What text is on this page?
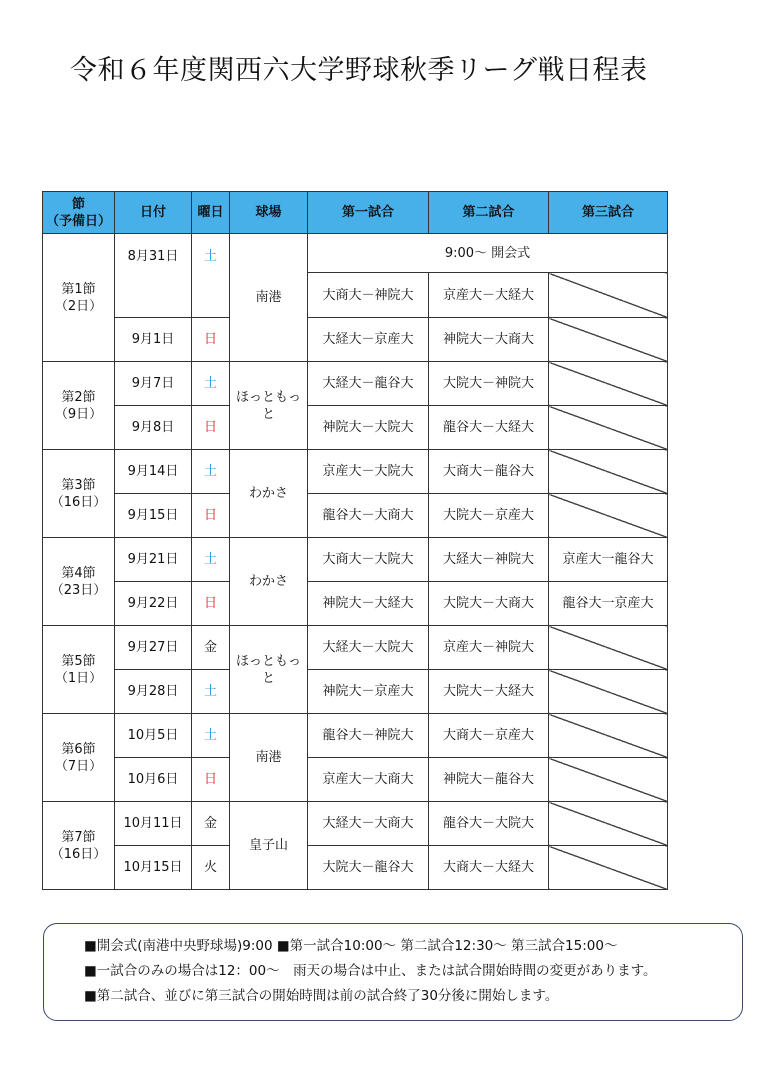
令和６年度関西六大学野球秋季リーグ戦日程表
節
（予備日）	日付	曜日	球場	第一試合	第二試合	第三試合
第1節
（2日）	8月31日	土	南港	9:00～ 開会式		
				大商大－神院大	京産大－大経大	
	9月1日	日		大経大－京産大	神院大－大商大	
第2節
（9日）	9月7日	土	ほっともっと	大経大－龍谷大	大院大－神院大	
	9月8日	日		神院大－大院大	龍谷大－大経大	
第3節
（16日）	9月14日	土	わかさ	京産大－大院大	大商大－龍谷大	
	9月15日	日		龍谷大－大商大	大院大－京産大	
第4節
（23日）	9月21日	土	わかさ	大商大－大院大	大経大－神院大	京産大一龍谷大
	9月22日	日		神院大－大経大	大院大－大商大	龍谷大一京産大
第5節
（1日）	9月27日	金	ほっともっと	大経大－大院大	京産大－神院大	
	9月28日	土		神院大－京産大	大院大－大経大	
第6節
（7日）	10月5日	土	南港	龍谷大－神院大	大商大－京産大	
	10月6日	日		京産大－大商大	神院大－龍谷大	
第7節
（16日）	10月11日	金	皇子山	大経大－大商大	龍谷大－大院大	
	10月15日	火		大院大－龍谷大	大商大－大経大	
■開会式(南港中央野球場)9:00 ■第一試合10:00～ 第二試合12:30～ 第三試合15:00～
■一試合のみの場合は12：00～　雨天の場合は中止、または試合開始時間の変更があります。
■第二試合、並びに第三試合の開始時間は前の試合終了30分後に開始します。
